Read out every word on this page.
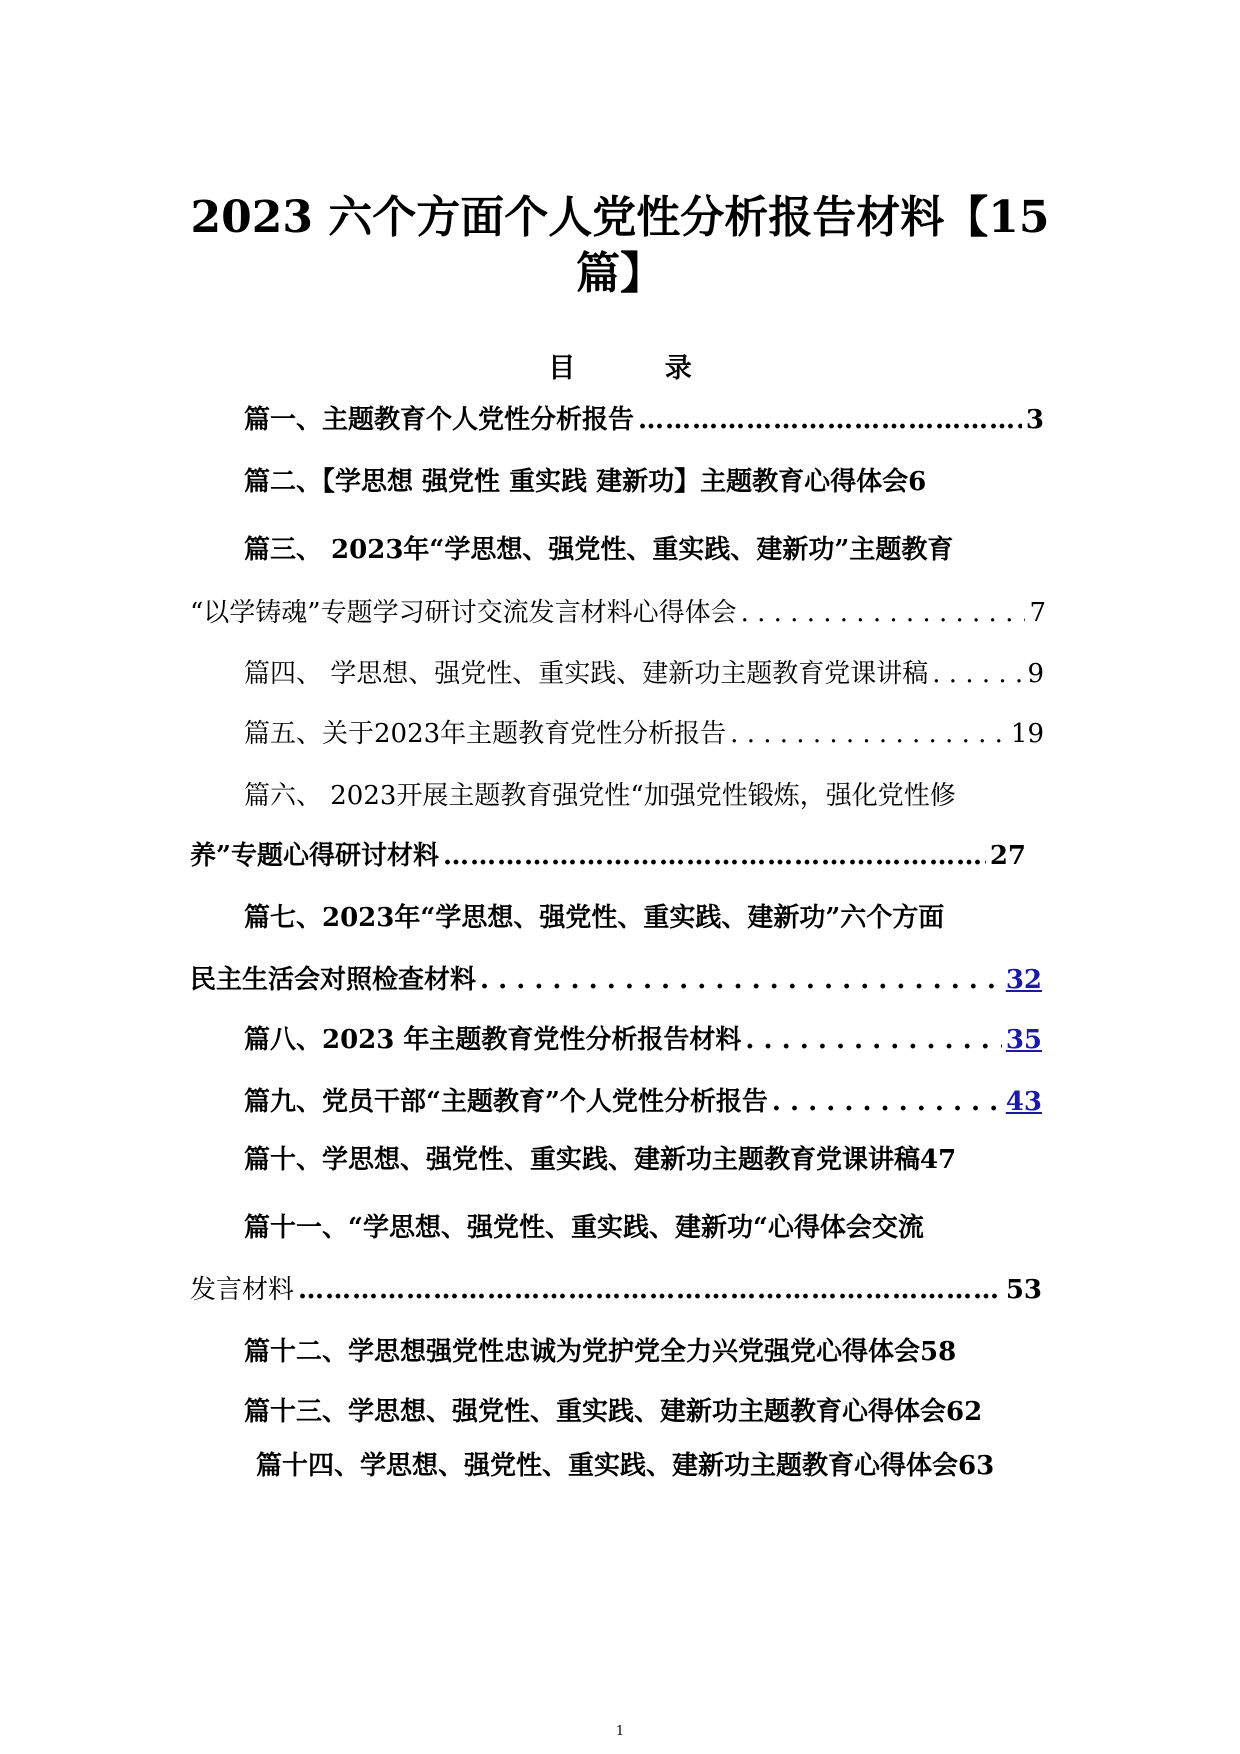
2023 六个方面个人党性分析报告材料【15
篇】
目 录
篇一、主题教育个人党性分析报告 ……………………………………………………………………………………………………………………………………	3
篇二、【学思想 强党性 重实践 建新功】主题教育心得体会 6
篇三、 2023年“学思想、强党性、重实践、建新功”主题教育
“以学铸魂”专题学习研讨交流发言材料心得体会 . . .	7
篇四、 学思想、强党性、重实践、建新功主题教育党课讲稿 . . .	9
篇五、关于2023年主题教育党性分析报告 . . .	19
篇六、 2023开展主题教育强党性“加强党性锻炼，强化党性修
养”专题心得研讨材料 ……………………………………………………………………………………………………………………………………	27
篇七、2023年“学思想、强党性、重实践、建新功”六个方面
民主生活会对照检查材料 . . .	32
篇八、2023 年主题教育党性分析报告材料 . . .	35
篇九、党员干部“主题教育”个人党性分析报告 . . .	43
篇十、学思想、强党性、重实践、建新功主题教育党课讲稿 47
篇十一、“学思想、强党性、重实践、建新功“心得体会交流
发言材料 ……………………………………………………………………………………………………………………………………	53
篇十二、学思想强党性忠诚为党护党全力兴党强党心得体会 58
篇十三、学思想、强党性、重实践、建新功主题教育心得体会 62
篇十四、学思想、强党性、重实践、建新功主题教育心得体会 63
1
